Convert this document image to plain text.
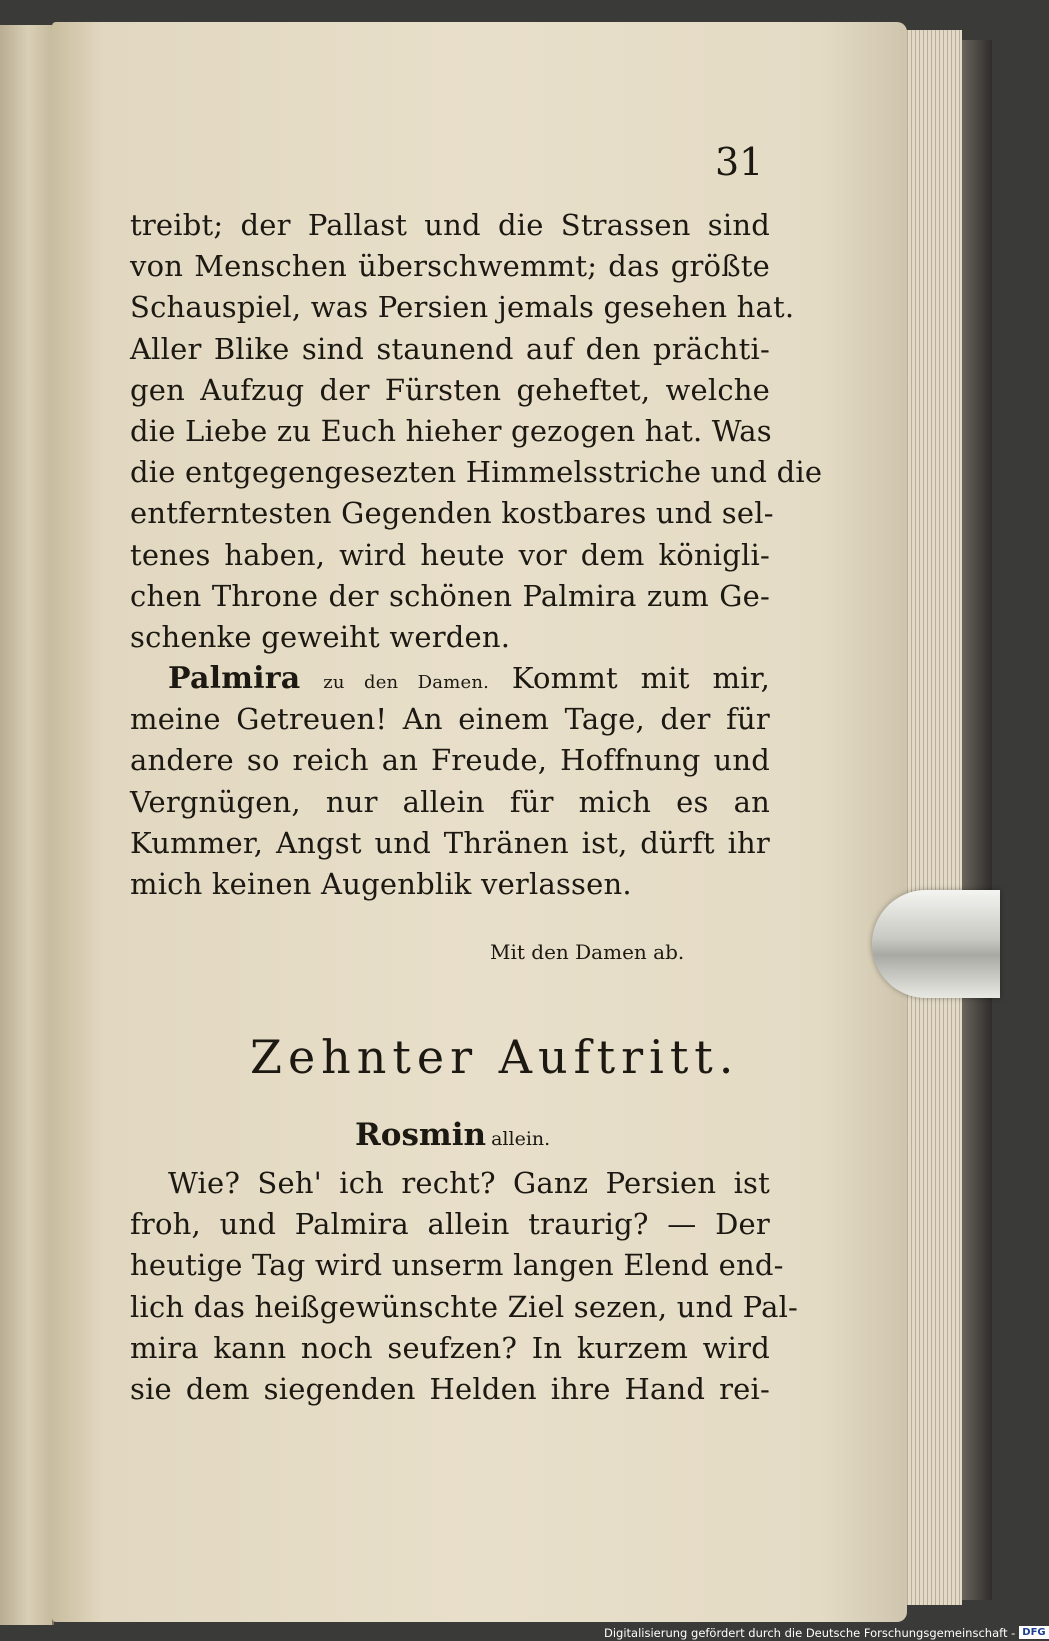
31
treibt; der Pallast und die Strassen sind
von Menschen überschwemmt; das größte
Schauspiel, was Persien jemals gesehen hat.
Aller Blike sind staunend auf den prächti-
gen Aufzug der Fürsten geheftet, welche
die Liebe zu Euch hieher gezogen hat. Was
die entgegengesezten Himmelsstriche und die
entferntesten Gegenden kostbares und sel-
tenes haben, wird heute vor dem königli-
chen Throne der schönen Palmira zum Ge-
schenke geweiht werden.
Palmira zu den Damen. Kommt mit mir,
meine Getreuen! An einem Tage, der für
andere so reich an Freude, Hoffnung und
Vergnügen, nur allein für mich es an
Kummer, Angst und Thränen ist, dürft ihr
mich keinen Augenblik verlassen.
Mit den Damen ab.
Zehnter Auftritt.
Rosmin allein.
Wie? Seh' ich recht? Ganz Persien ist
froh, und Palmira allein traurig? — Der
heutige Tag wird unserm langen Elend end-
lich das heißgewünschte Ziel sezen, und Pal-
mira kann noch seufzen? In kurzem wird
sie dem siegenden Helden ihre Hand rei-
Digitalisierung gefördert durch die Deutsche Forschungsgemeinschaft - DFG
